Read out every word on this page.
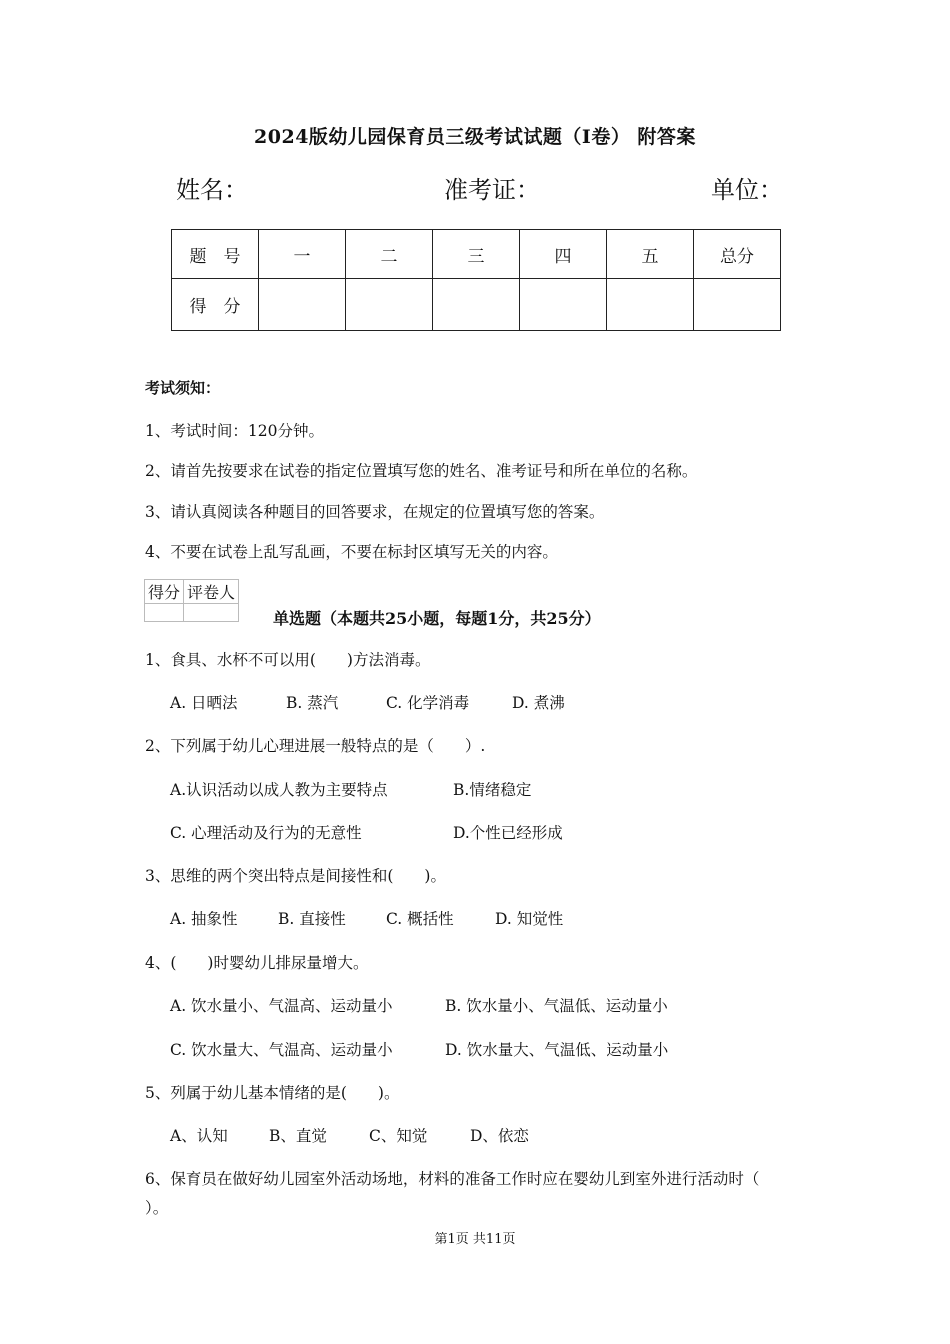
2024版幼儿园保育员三级考试试题（I卷） 附答案
姓名：	准考证：	单位：
题　号	一	二	三	四	五	总分
得　分						
考试须知：
1、考试时间：120分钟。
2、请首先按要求在试卷的指定位置填写您的姓名、准考证号和所在单位的名称。
3、请认真阅读各种题目的回答要求，在规定的位置填写您的答案。
4、不要在试卷上乱写乱画，不要在标封区填写无关的内容。
得分	评卷人

单选题（本题共25小题，每题1分，共25分）
1、食具、水杯不可以用(　　)方法消毒。
A. 日晒法	B. 蒸汽	C. 化学消毒	D. 煮沸
2、下列属于幼儿心理进展一般特点的是（　　）.
A.认识活动以成人教为主要特点	B.情绪稳定
C. 心理活动及行为的无意性	D.个性已经形成
3、思维的两个突出特点是间接性和(　　)。
A. 抽象性	B. 直接性	C. 概括性	D. 知觉性
4、(　　)时婴幼儿排尿量增大。
A. 饮水量小、气温高、运动量小	B. 饮水量小、气温低、运动量小
C. 饮水量大、气温高、运动量小	D. 饮水量大、气温低、运动量小
5、列属于幼儿基本情绪的是(　　)。
A、认知	B、直觉	C、知觉	D、依恋
6、保育员在做好幼儿园室外活动场地，材料的准备工作时应在婴幼儿到室外进行活动时（
）。
第1页 共11页
